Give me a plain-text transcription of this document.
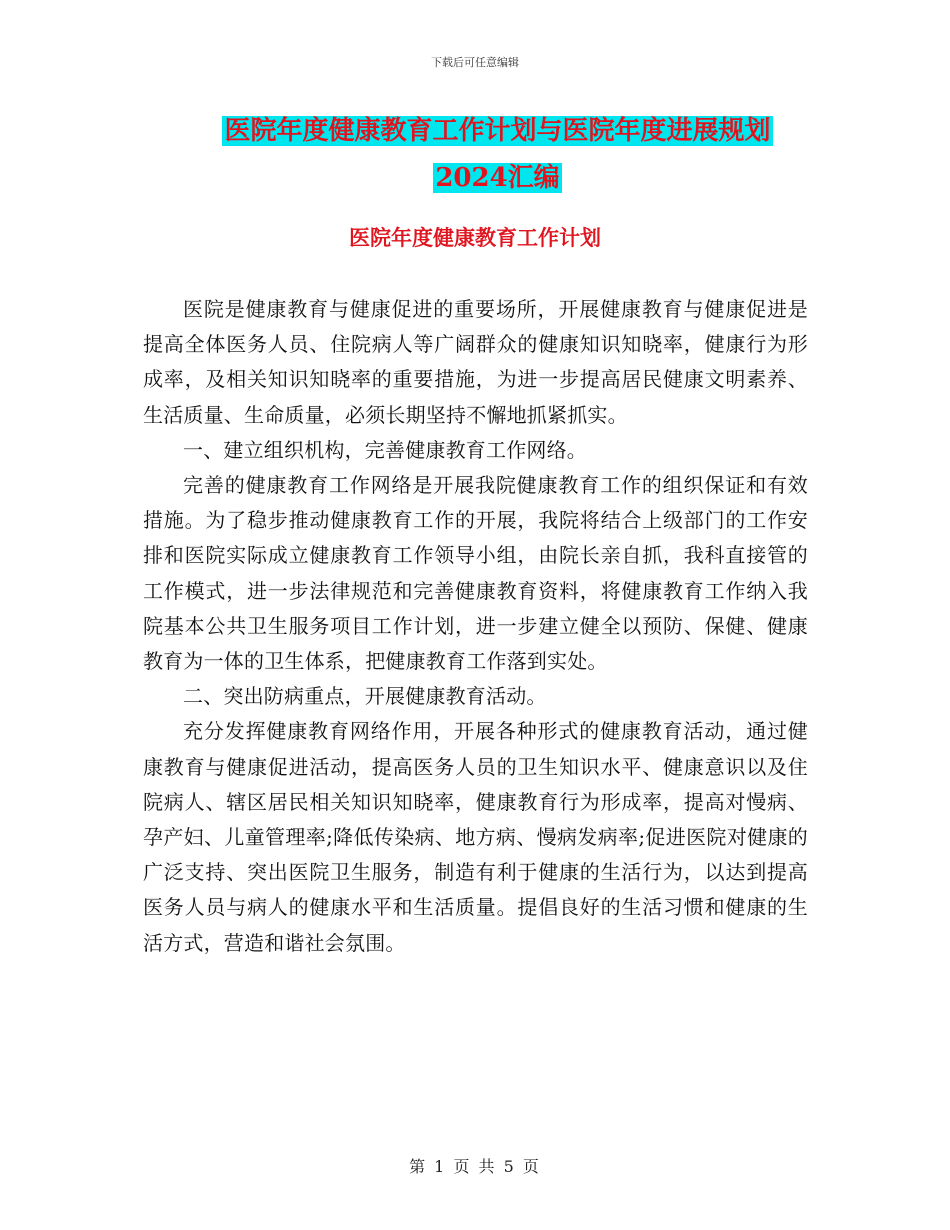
下载后可任意编辑
医院年度健康教育工作计划与医院年度进展规划2024汇编
医院年度健康教育工作计划

医院是健康教育与健康促进的重要场所，开展健康教育与健康促进是提高全体医务人员、住院病人等广阔群众的健康知识知晓率，健康行为形成率，及相关知识知晓率的重要措施，为进一步提高居民健康文明素养、生活质量、生命质量，必须长期坚持不懈地抓紧抓实。

一、建立组织机构，完善健康教育工作网络。

完善的健康教育工作网络是开展我院健康教育工作的组织保证和有效措施。为了稳步推动健康教育工作的开展，我院将结合上级部门的工作安排和医院实际成立健康教育工作领导小组，由院长亲自抓，我科直接管的工作模式，进一步法律规范和完善健康教育资料，将健康教育工作纳入我院基本公共卫生服务项目工作计划，进一步建立健全以预防、保健、健康教育为一体的卫生体系，把健康教育工作落到实处。

二、突出防病重点，开展健康教育活动。

充分发挥健康教育网络作用，开展各种形式的健康教育活动，通过健康教育与健康促进活动，提高医务人员的卫生知识水平、健康意识以及住院病人、辖区居民相关知识知晓率，健康教育行为形成率，提高对慢病、孕产妇、儿童管理率;降低传染病、地方病、慢病发病率;促进医院对健康的广泛支持、突出医院卫生服务，制造有利于健康的生活行为，以达到提高医务人员与病人的健康水平和生活质量。提倡良好的生活习惯和健康的生活方式，营造和谐社会氛围。

第 1 页 共 5 页
